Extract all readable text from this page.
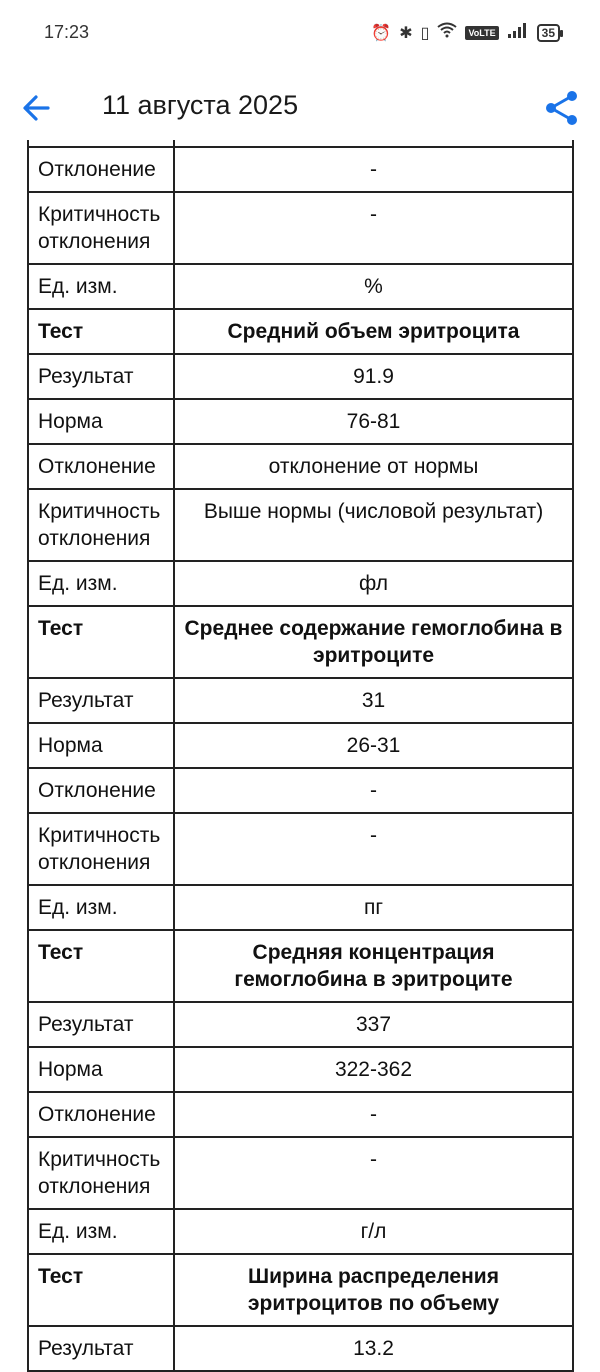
17:23	⏰ ✱ ▯	VoLTE	35
11 августа 2025

Отклонение	-
Критичность отклонения	-
Ед. изм.	%
Тест	Средний объем эритроцита
Результат	91.9
Норма	76-81
Отклонение	отклонение от нормы
Критичность отклонения	Выше нормы (числовой результат)
Ед. изм.	фл
Тест	Среднее содержание гемоглобина в эритроците
Результат	31
Норма	26-31
Отклонение	-
Критичность отклонения	-
Ед. изм.	пг
Тест	Средняя концентрация гемоглобина в эритроците
Результат	337
Норма	322-362
Отклонение	-
Критичность отклонения	-
Ед. изм.	г/л
Тест	Ширина распределения эритроцитов по объему
Результат	13.2
